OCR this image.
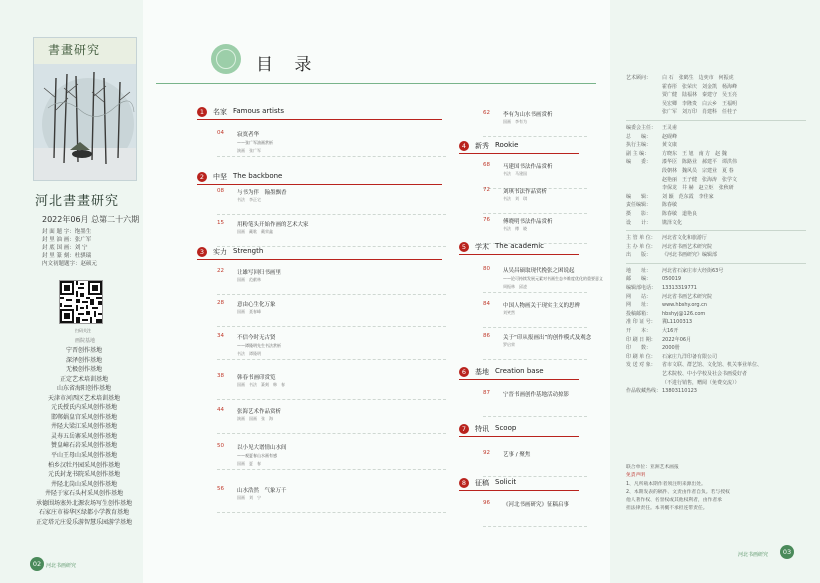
書畫研究
河北書畫研究
2022年06月 总第二十六期
封 面 题 字：饱墨生
封 里 油 画：张广军
封 底 国 画：刘 宁
封 里 篆 刻：杜骐瑞
内文初题题字：赵硕元
扫码关注
画院基地
宁晋创作基地
深泽创作基地
无极创作基地
正定艺术培训基地
山东省海阳创作基地
天津市河西区艺术培训基地
元氏授氏内采风创作基地
邯郸娲皇宫采风创作基地
井陉大梁江采风创作基地
灵寿五岳寨采风创作基地
赞皇嶂石岩采风创作基地
平山王母山采风创作基地
柏乡汉牡丹园采风创作基地
元氏封龙书院采风创作基地
井陉北岗山采风创作基地
井陉于家石头村采风创作基地
承德围场塞外北源农场写生创作基地
石家庄市裕华区绿都小学教育基地
正定塔元庄爱乐游智慧乐园游学基地
02 河北书画研究
目 录
1	名家 Famous artists
04 寂寞者华
——张广军油画赏析
演画　张广军
2	中坚 The backbone
08 与书为伴　翰墨飘香
书法　李正宅
15 用粉笔头开始作画的艺术大家
国画　藏歌　戴荣鑫
3	实力 Strength
22 让雄写回归书画里
国画　范献林
28 意由心生化万象
国画　聂春峰
34 不信今时无古贤
——谭隆明先生书法赏析
书法　谭隆明
38 韩春书画印赏览
国画　书法　篆刻　韩　春
44 张海艺术作品赏析
演画　国画　张　海
50 以小见大谱情山水间
——观夏春山水画有感
国画　夏　春
56 山水浩然　气象万千
国画　刘　宁
62 李有为山水书画赏析
国画　李有为
4	新秀 Rookie
68 马建国书法作品赏析
书法　马建国
72 刘琪书法作品赏析
书法　刘　琪
76 傅晓明书法作品赏析
书法　傅　晓
5	学术 The academic
80 从吴昌硕取现代挽张之困说起
——论可持续发展元素对书画生态多维度优化的重要意义
周振林　邱凌
84 中国人物画关于现实主义的思辨
刘笑然
86 关于“印从报画出”的创作模式及观念
罗启荣
6	基地 Creation base
87 宁晋书画创作基地活动掠影
7	特讯 Scoop
92 艺事 / 聚焦
8	征稿 Solicit
96 《河北书画研究》征稿启事
艺术顾问：	白 石　张鹤生　边奕市　何振虎
霍春彤　张荣庆　刘金凯　杨海峰
贾广健　陆福林　秦建守　吴玉亮
吴宏卿　李隆贵　白云乡　王福明
张广军　刘万印　肖建科　任桂子
编委会主任：	王灵甫
总　　编：	赵砚峰
执行主编：	黄文康
副 主 编：	方晓东　王 旭　南 方　赵 魏
编　　委：	漆华臣　陈路业　郝建平　谭洪伟
段朝林　魏风员　宗建业　夏 春
赵艳丽　王子健　张海涛　张学文
李保龙　井 赫　赵立炬　张秋研
编　　辑：	刘 颖　范东霞　李佳家
责任编辑：	陈春敏
摄　　影：	陈春敏　道艳良
设　　计：	镌泽文化
主 管 单 位：	河北省文化和旅游厅
主 办 单 位：	河北省书画艺术研究院
出　　版：	《河北书画研究》编辑部
地　　址：	河北省石家庄市大经街63号
邮　　编：	050019
编辑部电话：	13313319771
网　　站：	河北省书画艺术研究院
网　　址：	www.hbshy.org.cn
投稿邮箱：	hbshyj@126.com
准 印 证 号：	冀L1100313
开　　本：	大16开
印 刷 日 期：	2022年06月
印　　数：	2000册
印 刷 单 位：	石家庄九洋印备有限公司
发 送 对 象：	省市文联、群艺馆、文化馆、机关事业单位、
艺术院校、中小学校及社会书画爱好者
（不进行销售，赠阅（免费交流））
作品收藏热线： 13803110123
联合单位：亚洲艺术画报
免責声明
1、凡所载本期作者须注明来源出处。
2、本期发表的稿件、文责由作者自负。若与授权
他人著作权、名誉权或其他权利者，由作者承
担法律责任。本刊概不承担连带责任。
03
河北书画研究
